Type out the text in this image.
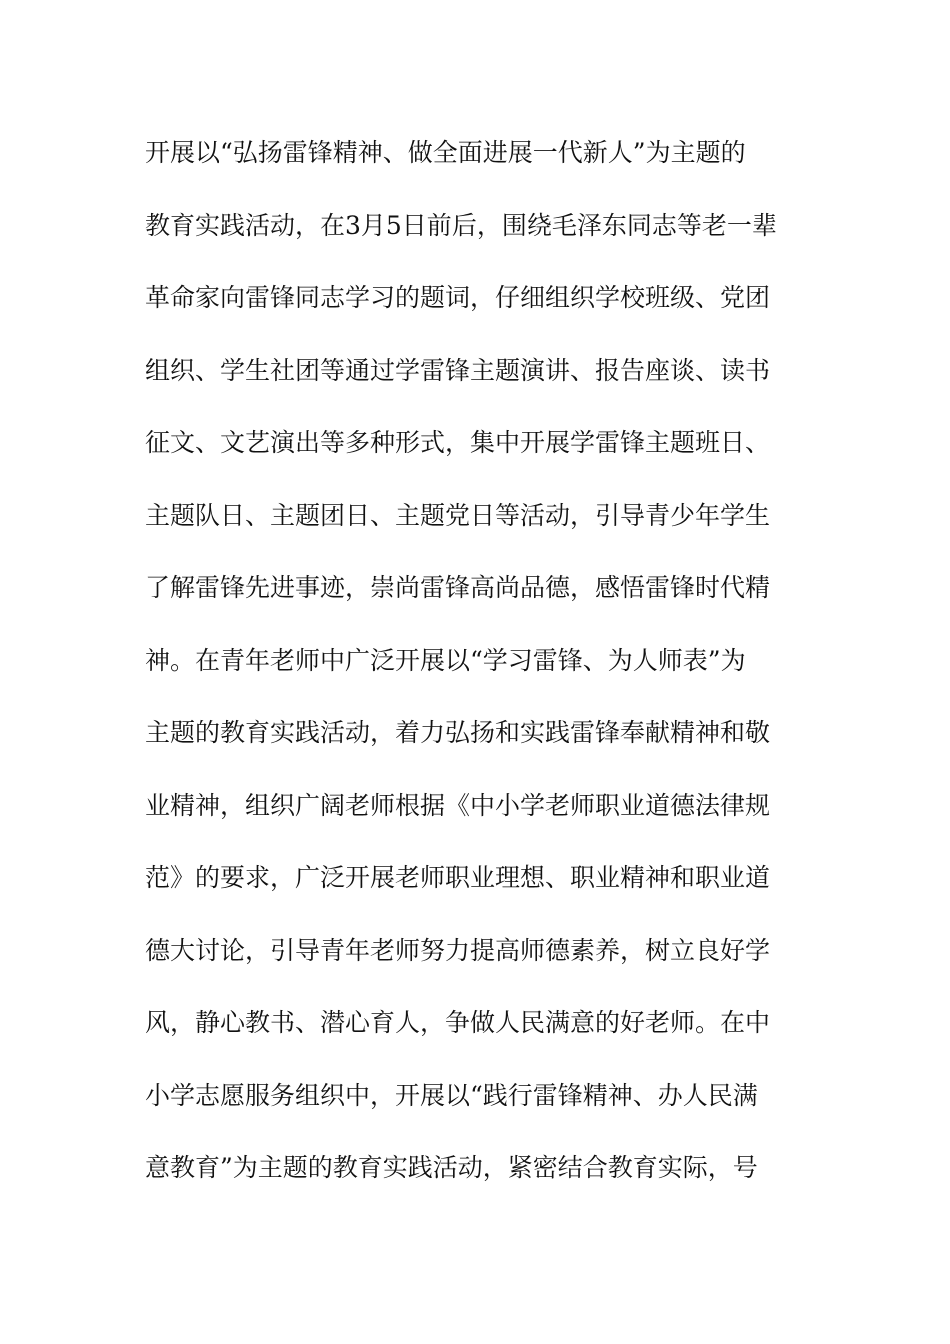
开展以“弘扬雷锋精神、做全面进展一代新人”为主题的
教育实践活动，在3月5日前后，围绕毛泽东同志等老一辈
革命家向雷锋同志学习的题词，仔细组织学校班级、党团
组织、学生社团等通过学雷锋主题演讲、报告座谈、读书
征文、文艺演出等多种形式，集中开展学雷锋主题班日、
主题队日、主题团日、主题党日等活动，引导青少年学生
了解雷锋先进事迹，崇尚雷锋高尚品德，感悟雷锋时代精
神。在青年老师中广泛开展以“学习雷锋、为人师表”为
主题的教育实践活动，着力弘扬和实践雷锋奉献精神和敬
业精神，组织广阔老师根据《中小学老师职业道德法律规
范》的要求，广泛开展老师职业理想、职业精神和职业道
德大讨论，引导青年老师努力提高师德素养，树立良好学
风，静心教书、潜心育人，争做人民满意的好老师。在中
小学志愿服务组织中，开展以“践行雷锋精神、办人民满
意教育”为主题的教育实践活动，紧密结合教育实际，号
